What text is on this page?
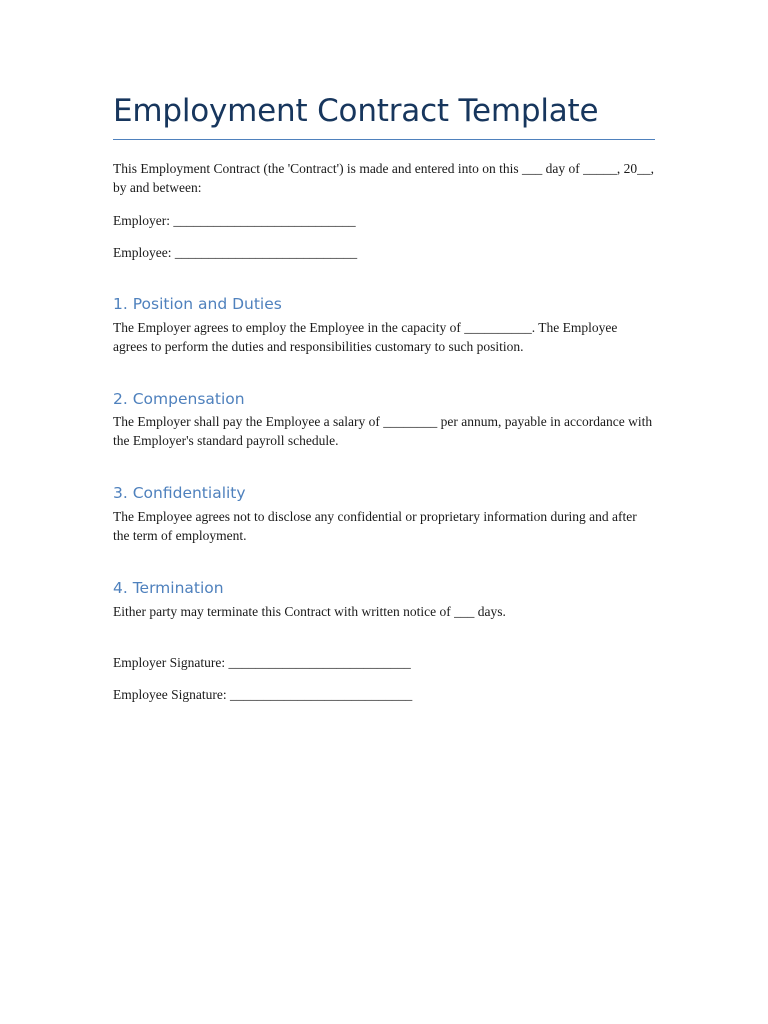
Employment Contract Template

This Employment Contract (the 'Contract') is made and entered into on this ___ day of _____, 20__, by and between:

Employer: ___________________________

Employee: ___________________________

1. Position and Duties

The Employer agrees to employ the Employee in the capacity of __________. The Employee agrees to perform the duties and responsibilities customary to such position.

2. Compensation

The Employer shall pay the Employee a salary of ________ per annum, payable in accordance with the Employer's standard payroll schedule.

3. Confidentiality

The Employee agrees not to disclose any confidential or proprietary information during and after the term of employment.

4. Termination

Either party may terminate this Contract with written notice of ___ days.

Employer Signature: ___________________________

Employee Signature: ___________________________
